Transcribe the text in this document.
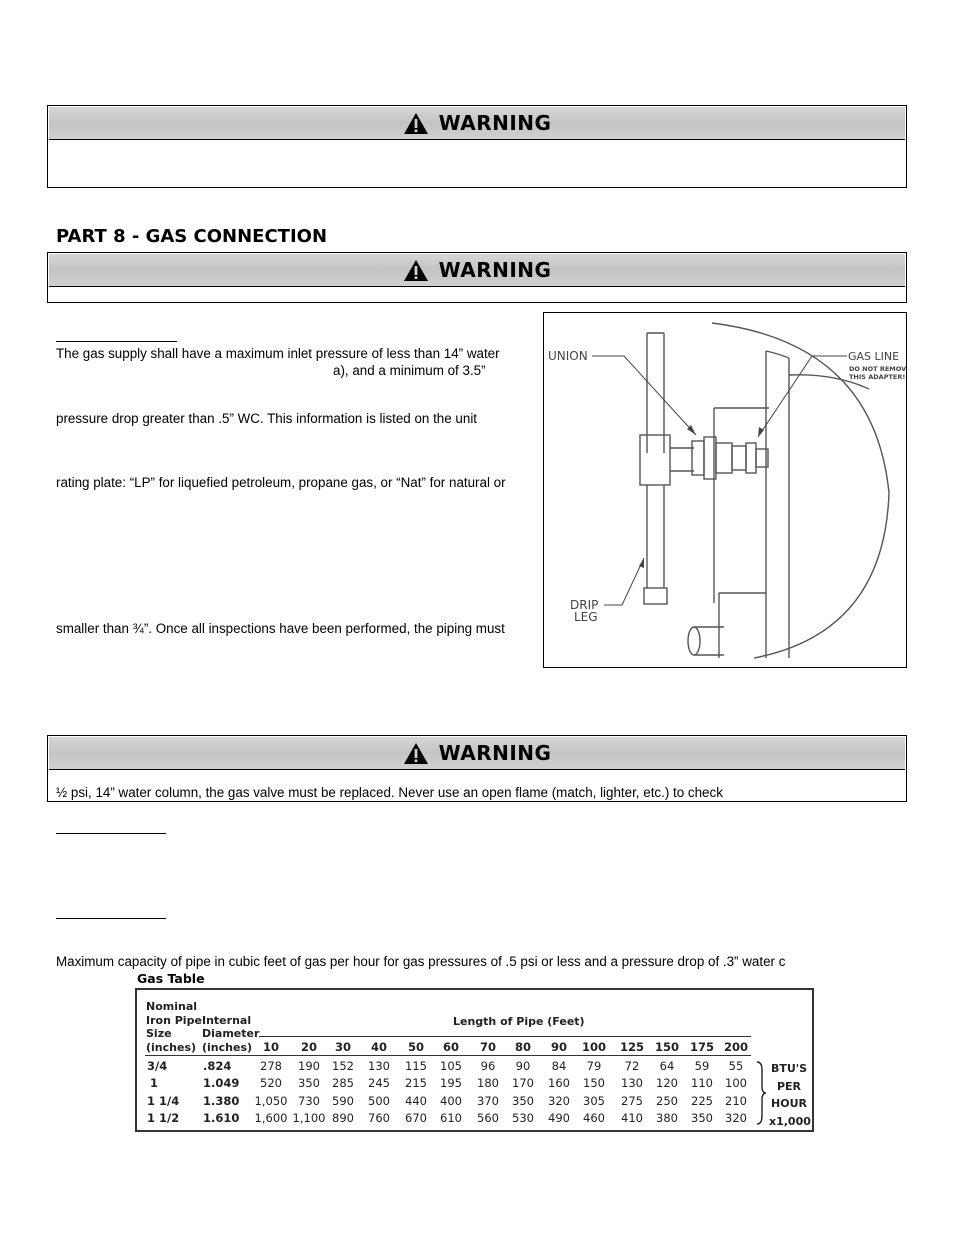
WARNING
PART 8 - GAS CONNECTION
WARNING
The gas supply shall have a maximum inlet pressure of less than 14” water
a), and a minimum of 3.5”
pressure drop greater than .5” WC. This information is listed on the unit
rating plate: “LP” for liquefied petroleum, propane gas, or “Nat” for natural or
smaller than ¾”. Once all inspections have been performed, the piping must
UNION	GAS LINE
DO NOT REMOVE
THIS ADAPTER!
DRIP
LEG
WARNING
½ psi, 14” water column, the gas valve must be replaced. Never use an open flame (match, lighter, etc.) to check
Maximum capacity of pipe in cubic feet of gas per hour for gas pressures of .5 psi or less and a pressure drop of .3” water c
Gas Table
Nominal
Iron Pipe
Size
(inches)
Internal
Diameter
(inches)
Length of Pipe (Feet)
10	20	30	40	50	60	70	80	90	100	125 150 175 200
3/4	.824	278	190	152	130	115	105	96	90	84	79	72	64	59	55
1	1.049	520	350	285	245	215	195	180	170	160	150	130	120	110	100
1 1/4 1.380	1,050 730	590	500	440	400	370	350	320	305	275	250	225	210
1 1/2 1.610	1,600 1,100 890	760	670	610	560	530	490	460	410	380	350	320
BTU'S
PER
HOUR
x1,000
